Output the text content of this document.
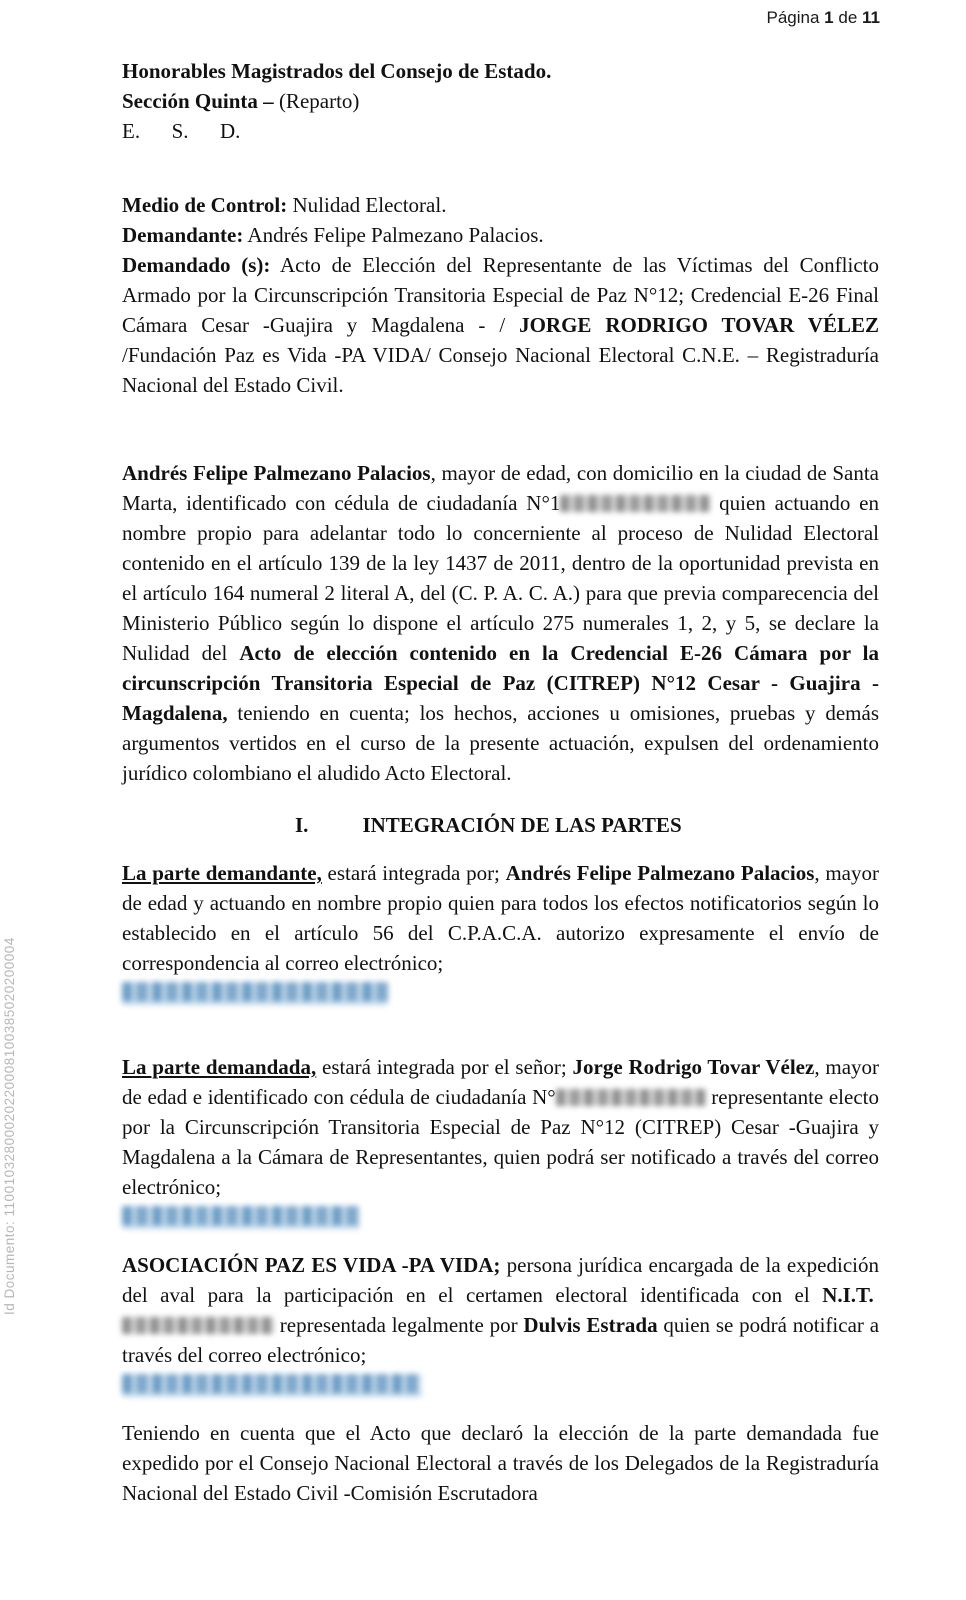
Página 1 de 11
Id Documento: 11001032800020220008100385020200004

Honorables Magistrados del Consejo de Estado.

Sección Quinta – (Reparto)

E.  S.  D.

Medio de Control: Nulidad Electoral.

Demandante: Andrés Felipe Palmezano Palacios.

Demandado (s): Acto de Elección del Representante de las Víctimas del Conflicto Armado por la Circunscripción Transitoria Especial de Paz N°12; Credencial E-26 Final Cámara Cesar -Guajira y Magdalena - / JORGE RODRIGO TOVAR VÉLEZ /Fundación Paz es Vida -PA VIDA/ Consejo Nacional Electoral C.N.E. – Registraduría Nacional del Estado Civil.

Andrés Felipe Palmezano Palacios, mayor de edad, con domicilio en la ciudad de Santa Marta, identificado con cédula de ciudadanía N°1	quien actuando en nombre propio para adelantar todo lo concerniente al proceso de Nulidad Electoral contenido en el artículo 139 de la ley 1437 de 2011, dentro de la oportunidad prevista en el artículo 164 numeral 2 literal A, del (C. P. A. C. A.) para que previa comparecencia del Ministerio Público según lo dispone el artículo 275 numerales 1, 2, y 5, se declare la Nulidad del Acto de elección contenido en la Credencial E-26 Cámara por la circunscripción Transitoria Especial de Paz (CITREP) N°12 Cesar - Guajira -Magdalena, teniendo en cuenta; los hechos, acciones u omisiones, pruebas y demás argumentos vertidos en el curso de la presente actuación, expulsen del ordenamiento jurídico colombiano el aludido Acto Electoral.

I.	INTEGRACIÓN DE LAS PARTES

La parte demandante, estará integrada por; Andrés Felipe Palmezano Palacios, mayor de edad y actuando en nombre propio quien para todos los efectos notificatorios según lo establecido en el artículo 56 del C.P.A.C.A. autorizo expresamente el envío de correspondencia al correo electrónico;

La parte demandada, estará integrada por el señor; Jorge Rodrigo Tovar Vélez, mayor de edad e identificado con cédula de ciudadanía N°	representante electo por la Circunscripción Transitoria Especial de Paz N°12 (CITREP) Cesar -Guajira y Magdalena a la Cámara de Representantes, quien podrá ser notificado a través del correo electrónico;

ASOCIACIÓN PAZ ES VIDA -PA VIDA; persona jurídica encargada de la expedición del aval para la participación en el certamen electoral identificada con el N.I.T.  representada legalmente por Dulvis Estrada quien se podrá notificar a través del correo electrónico;

Teniendo en cuenta que el Acto que declaró la elección de la parte demandada fue expedido por el Consejo Nacional Electoral a través de los Delegados de la Registraduría Nacional del Estado Civil -Comisión Escrutadora
